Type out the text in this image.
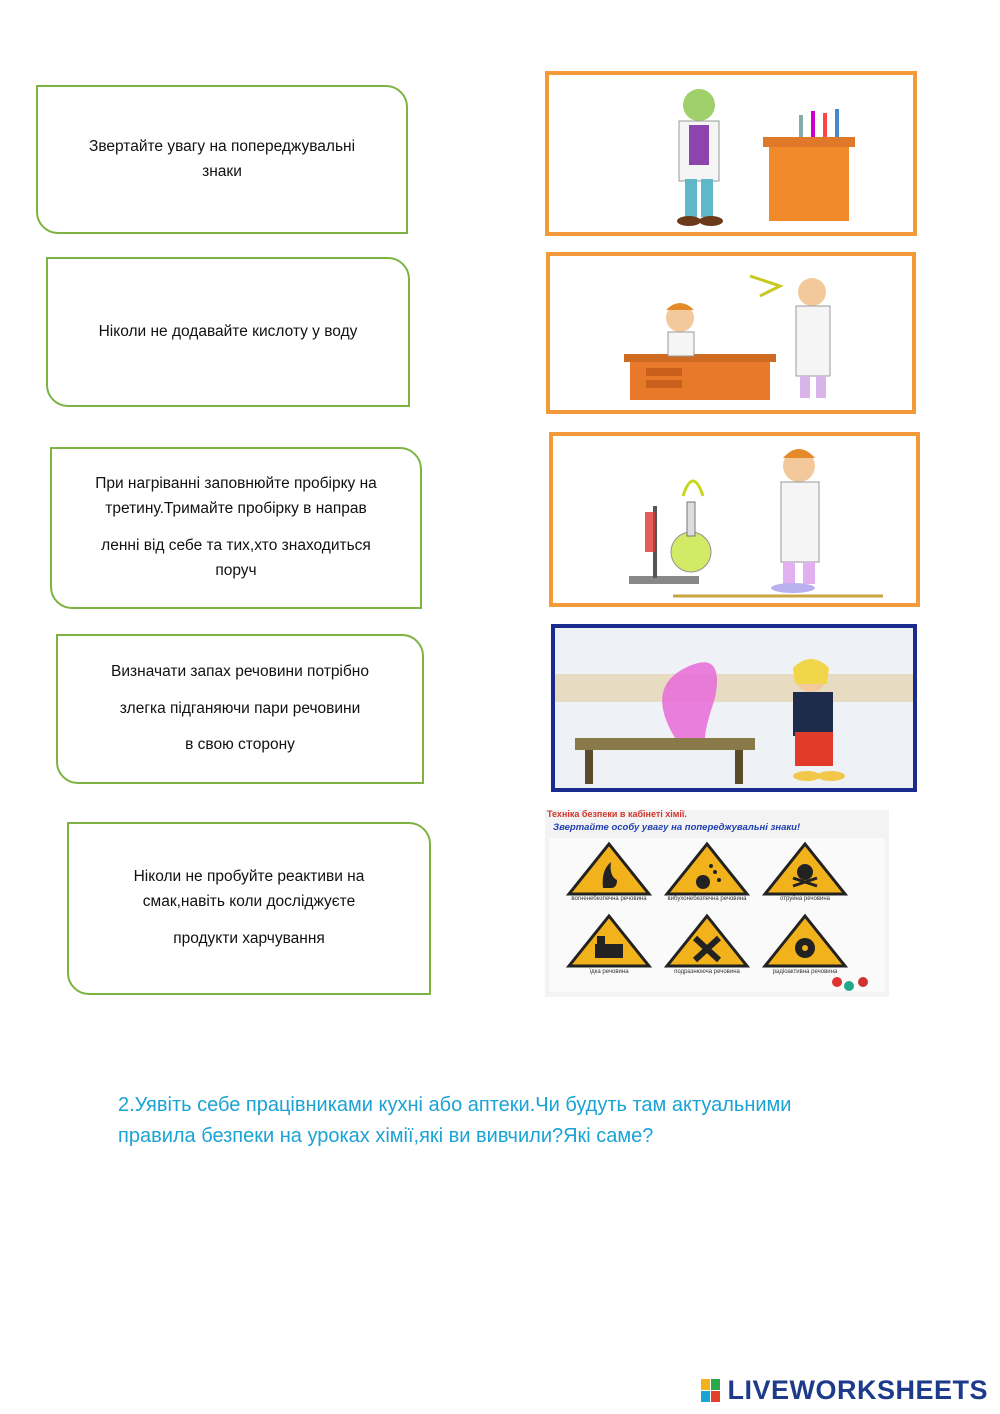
Звертайте увагу на попереджувальні
знаки
Ніколи не додавайте кислоту у воду
При нагріванні заповнюйте пробірку на
третину.Тримайте пробірку в направ
ленні від себе та тих,хто знаходиться
поруч
Визначати запах речовини потрібно
злегка підганяючи пари речовини
в свою сторону
Ніколи не пробуйте реактиви на
смак,навіть коли досліджуєте
продукти харчування
Техніка безпеки в кабінеті хімії.
Звертайте особу увагу на попереджувальні знаки!
вогненебезпечна речовина	вибухонебезпечна речовина	отруйна речовина
їдка речовина	подразнююча речовина	радіоактивна речовина
2.Уявіть себе працівниками кухні або аптеки.Чи будуть там актуальними
правила безпеки на уроках хімії,які ви вивчили?Які саме?
LIVEWORKSHEETS
